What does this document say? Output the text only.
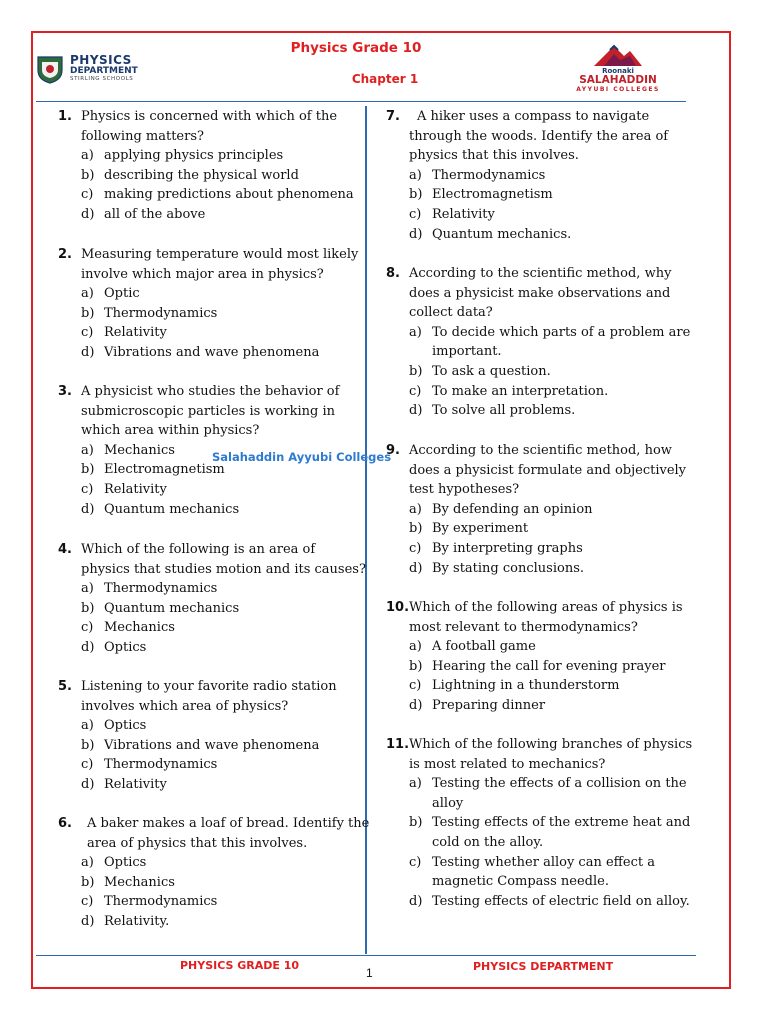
PHYSICS
DEPARTMENT
STIRLING SCHOOLS
Physics Grade 10
Chapter 1
Roonaki
SALAHADDIN
AYYUBI COLLEGES
1. Physics is concerned with which of the following matters?
a) applying physics principles
b) describing the physical world
c) making predictions about phenomena
d) all of the above
2. Measuring temperature would most likely involve which major area in physics?
a) Optic
b) Thermodynamics
c) Relativity
d) Vibrations and wave phenomena
3. A physicist who studies the behavior of submicroscopic particles is working in which area within physics?
a) Mechanics
b) Electromagnetism
c) Relativity
d) Quantum mechanics
Salahaddin Ayyubi Colleges
4. Which of the following is an area of physics that studies motion and its causes?
a) Thermodynamics
b) Quantum mechanics
c) Mechanics
d) Optics
5. Listening to your favorite radio station involves which area of physics?
a) Optics
b) Vibrations and wave phenomena
c) Thermodynamics
d) Relativity
6. A baker makes a loaf of bread. Identify the area of physics that this involves.
a) Optics
b) Mechanics
c) Thermodynamics
d) Relativity.
7.	A hiker uses a compass to navigate through the woods. Identify the area of physics that this involves.
a) Thermodynamics
b) Electromagnetism
c) Relativity
d) Quantum mechanics.
8. According to the scientific method, why does a physicist make observations and collect data?
a) To decide which parts of a problem are important.
b) To ask a question.
c) To make an interpretation.
d) To solve all problems.
9. According to the scientific method, how does a physicist formulate and objectively test hypotheses?
a) By defending an opinion
b) By experiment
c) By interpreting graphs
d) By stating conclusions.
10. Which of the following areas of physics is most relevant to thermodynamics?
a) A football game
b) Hearing the call for evening prayer
c) Lightning in a thunderstorm
d) Preparing dinner
11. Which of the following branches of physics is most related to mechanics?
a) Testing the effects of a collision on the alloy
b) Testing effects of the extreme heat and cold on the alloy.
c) Testing whether alloy can effect a magnetic Compass needle.
d) Testing effects of electric field on alloy.
PHYSICS GRADE 10
1	PHYSICS DEPARTMENT
